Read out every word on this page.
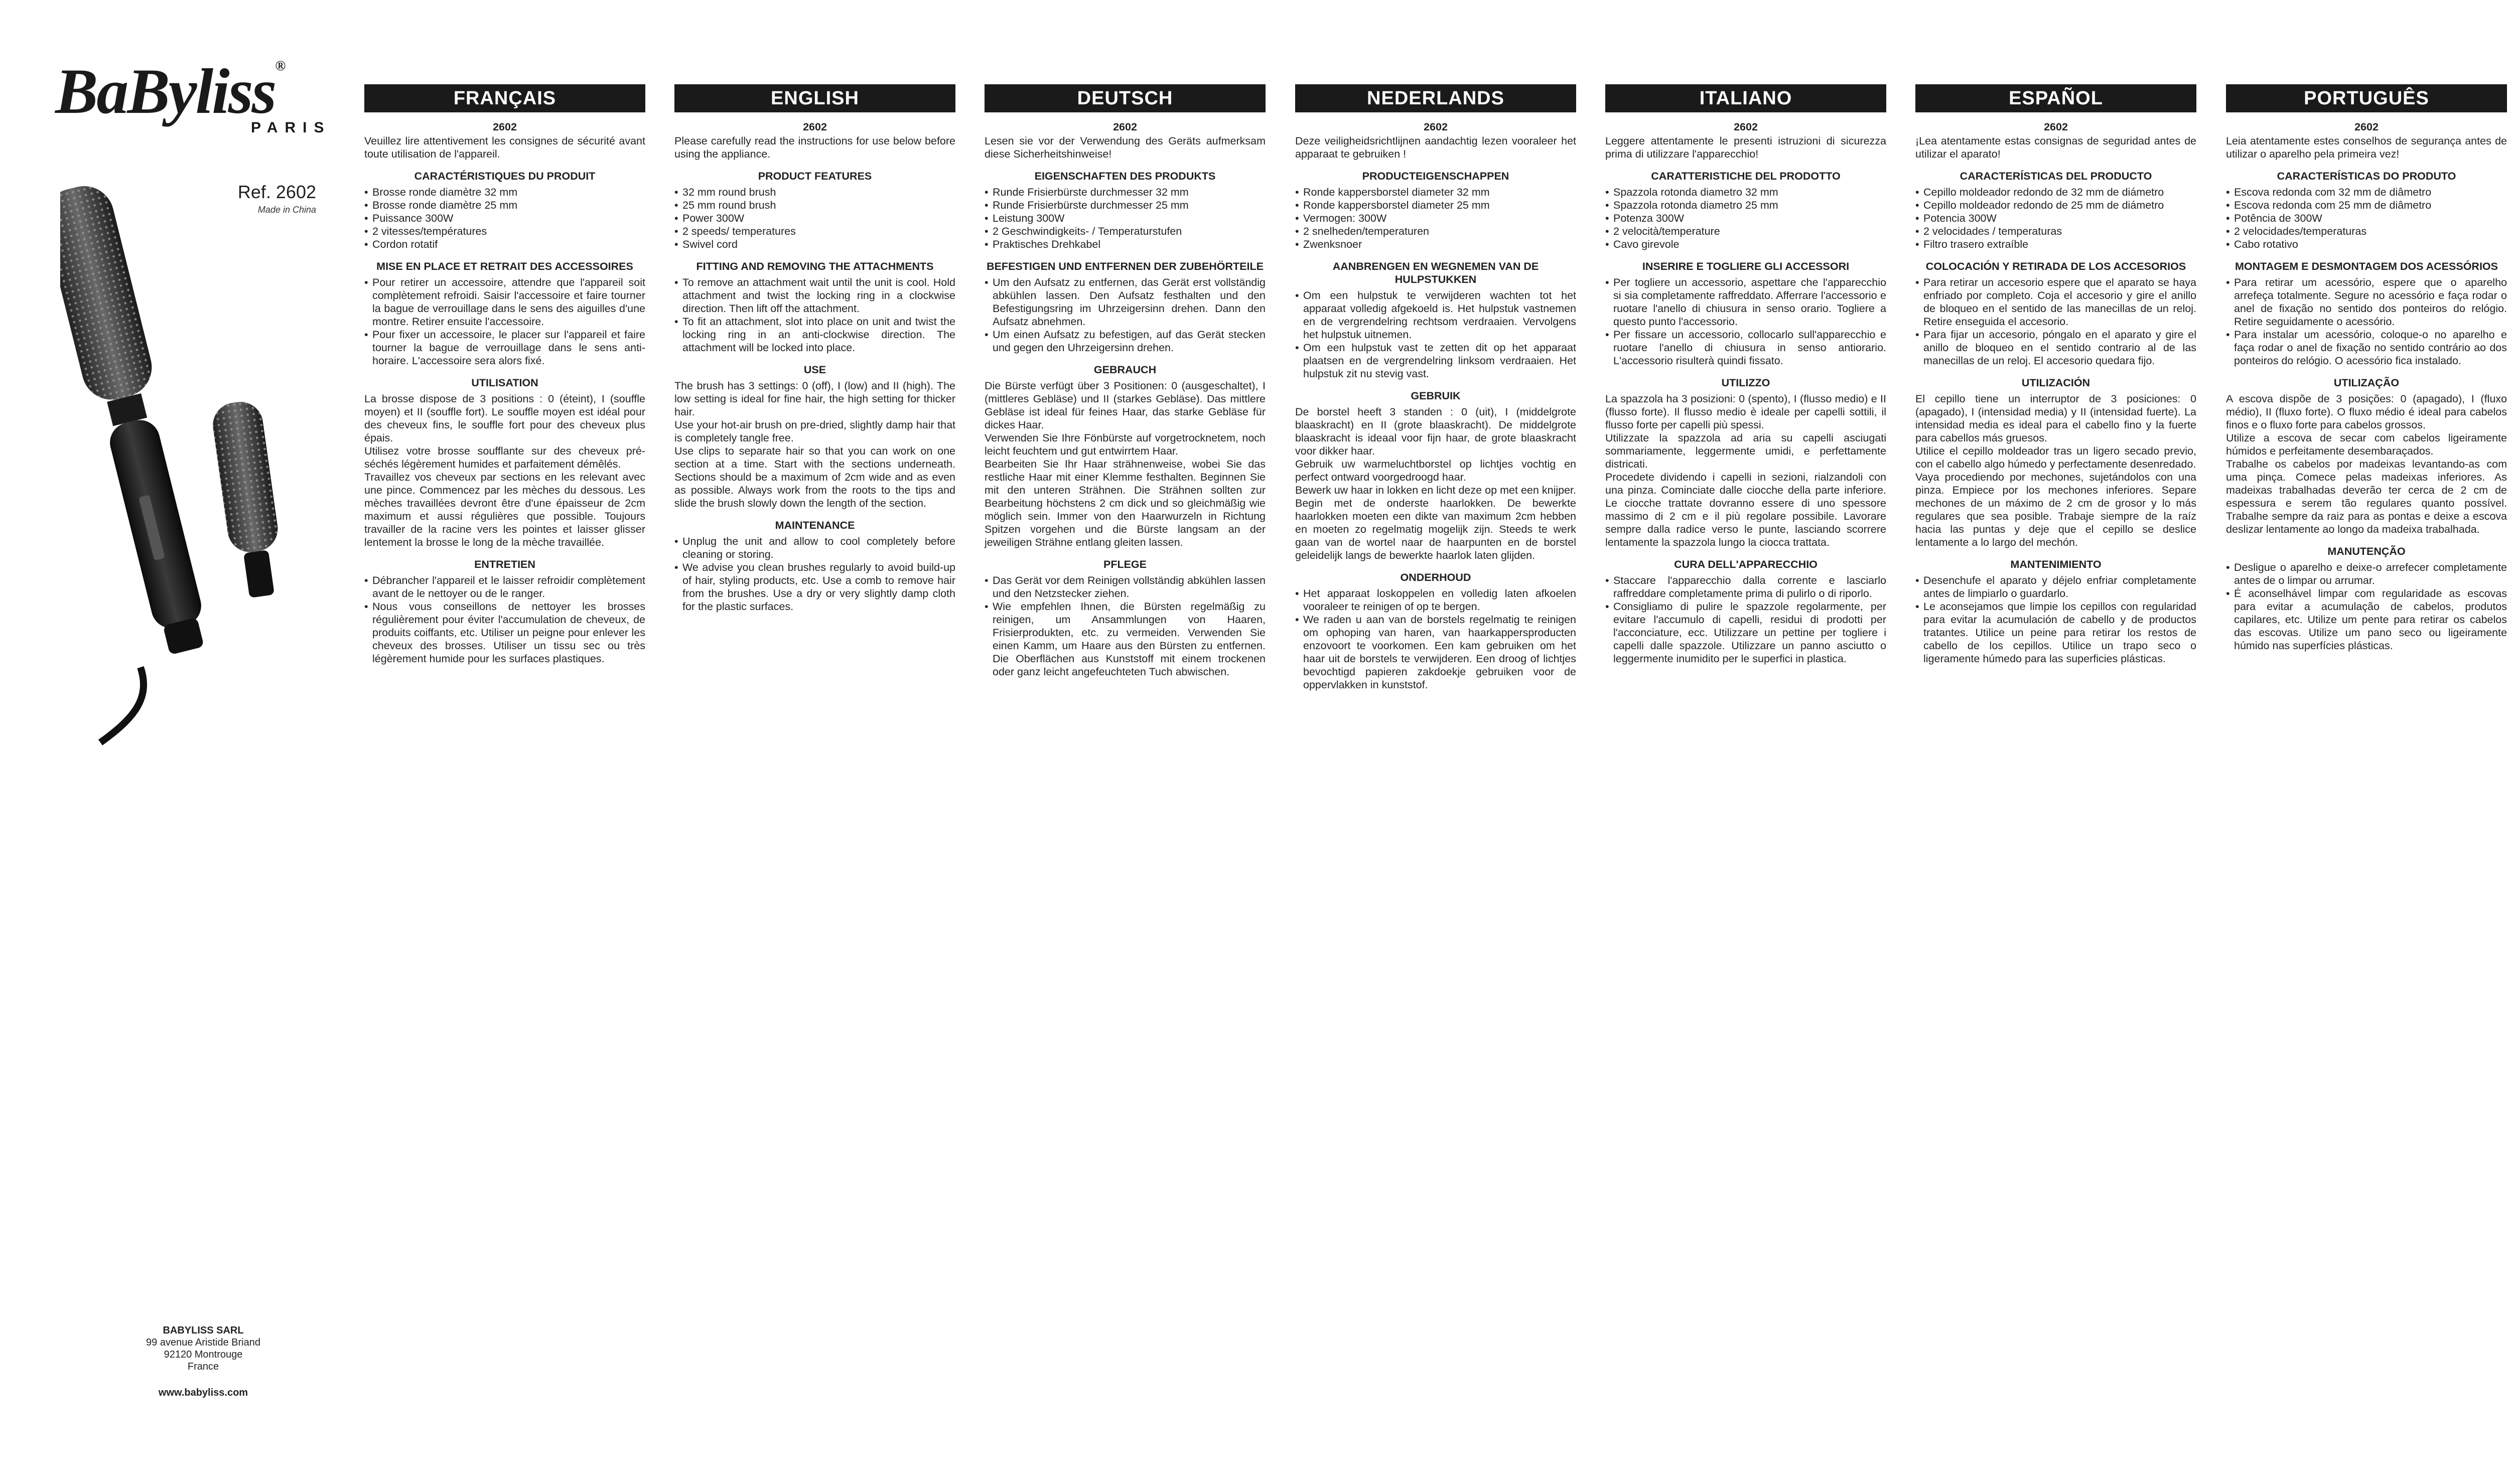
BaByliss®
PARIS
Ref. 2602
Made in China
BABYLISS SARL
99 avenue Aristide Briand
92120 Montrouge
France
www.babyliss.com
FRANÇAIS
2602

Veuillez lire attentivement les consignes de sécurité avant toute utilisation de l'appareil.

CARACTÉRISTIQUES DU PRODUIT
• Brosse ronde diamètre 32 mm
• Brosse ronde diamètre 25 mm
• Puissance 300W
• 2 vitesses/températures
• Cordon rotatif
MISE EN PLACE ET RETRAIT DES ACCESSOIRES
• Pour retirer un accessoire, attendre que l'appareil soit complètement refroidi. Saisir l'accessoire et faire tourner la bague de verrouillage dans le sens des aiguilles d'une montre. Retirer ensuite l'accessoire.
• Pour fixer un accessoire, le placer sur l'appareil et faire tourner la bague de verrouillage dans le sens anti-horaire. L'accessoire sera alors fixé.
UTILISATION

La brosse dispose de 3 positions : 0 (éteint), I (souffle moyen) et II (souffle fort). Le souffle moyen est idéal pour des cheveux fins, le souffle fort pour des cheveux plus épais.

Utilisez votre brosse soufflante sur des cheveux pré-séchés légèrement humides et parfaitement démêlés.

Travaillez vos cheveux par sections en les relevant avec une pince. Commencez par les mèches du dessous. Les mèches travaillées devront être d'une épaisseur de 2cm maximum et aussi régulières que possible. Toujours travailler de la racine vers les pointes et laisser glisser lentement la brosse le long de la mèche travaillée.

ENTRETIEN
• Débrancher l'appareil et le laisser refroidir complètement avant de le nettoyer ou de le ranger.
• Nous vous conseillons de nettoyer les brosses régulièrement pour éviter l'accumulation de cheveux, de produits coiffants, etc. Utiliser un peigne pour enlever les cheveux des brosses. Utiliser un tissu sec ou très légèrement humide pour les surfaces plastiques.
ENGLISH
2602

Please carefully read the instructions for use below before using the appliance.

PRODUCT FEATURES
• 32 mm round brush
• 25 mm round brush
• Power 300W
• 2 speeds/ temperatures
• Swivel cord
FITTING AND REMOVING THE ATTACHMENTS
• To remove an attachment wait until the unit is cool. Hold attachment and twist the locking ring in a clockwise direction. Then lift off the attachment.
• To fit an attachment, slot into place on unit and twist the locking ring in an anti-clockwise direction. The attachment will be locked into place.
USE

The brush has 3 settings: 0 (off), I (low) and II (high). The low setting is ideal for fine hair, the high setting for thicker hair.

Use your hot-air brush on pre-dried, slightly damp hair that is completely tangle free.

Use clips to separate hair so that you can work on one section at a time. Start with the sections underneath. Sections should be a maximum of 2cm wide and as even as possible. Always work from the roots to the tips and slide the brush slowly down the length of the section.

MAINTENANCE
• Unplug the unit and allow to cool completely before cleaning or storing.
• We advise you clean brushes regularly to avoid build-up of hair, styling products, etc. Use a comb to remove hair from the brushes. Use a dry or very slightly damp cloth for the plastic surfaces.
DEUTSCH
2602

Lesen sie vor der Verwendung des Geräts aufmerksam diese Sicherheitshinweise!

EIGENSCHAFTEN DES PRODUKTS
• Runde Frisierbürste durchmesser 32 mm
• Runde Frisierbürste durchmesser 25 mm
• Leistung 300W
• 2 Geschwindigkeits- / Temperaturstufen
• Praktisches Drehkabel
BEFESTIGEN UND ENTFERNEN DER ZUBEHÖRTEILE
• Um den Aufsatz zu entfernen, das Gerät erst vollständig abkühlen lassen. Den Aufsatz festhalten und den Befestigungsring im Uhrzeigersinn drehen. Dann den Aufsatz abnehmen.
• Um einen Aufsatz zu befestigen, auf das Gerät stecken und gegen den Uhrzeigersinn drehen.
GEBRAUCH

Die Bürste verfügt über 3 Positionen: 0 (ausgeschaltet), I (mittleres Gebläse) und II (starkes Gebläse). Das mittlere Gebläse ist ideal für feines Haar, das starke Gebläse für dickes Haar.

Verwenden Sie Ihre Fönbürste auf vorgetrocknetem, noch leicht feuchtem und gut entwirrtem Haar.

Bearbeiten Sie Ihr Haar strähnenweise, wobei Sie das restliche Haar mit einer Klemme festhalten. Beginnen Sie mit den unteren Strähnen. Die Strähnen sollten zur Bearbeitung höchstens 2 cm dick und so gleichmäßig wie möglich sein. Immer von den Haarwurzeln in Richtung Spitzen vorgehen und die Bürste langsam an der jeweiligen Strähne entlang gleiten lassen.

PFLEGE
• Das Gerät vor dem Reinigen vollständig abkühlen lassen und den Netzstecker ziehen.
• Wie empfehlen Ihnen, die Bürsten regelmäßig zu reinigen, um Ansammlungen von Haaren, Frisierprodukten, etc. zu vermeiden. Verwenden Sie einen Kamm, um Haare aus den Bürsten zu entfernen. Die Oberflächen aus Kunststoff mit einem trockenen oder ganz leicht angefeuchteten Tuch abwischen.
NEDERLANDS
2602

Deze veiligheidsrichtlijnen aandachtig lezen vooraleer het apparaat te gebruiken !

PRODUCTEIGENSCHAPPEN
• Ronde kappersborstel diameter 32 mm
• Ronde kappersborstel diameter 25 mm
• Vermogen: 300W
• 2 snelheden/temperaturen
• Zwenksnoer
AANBRENGEN EN WEGNEMEN VAN DE HULPSTUKKEN
• Om een hulpstuk te verwijderen wachten tot het apparaat volledig afgekoeld is. Het hulpstuk vastnemen en de vergrendelring rechtsom verdraaien. Vervolgens het hulpstuk uitnemen.
• Om een hulpstuk vast te zetten dit op het apparaat plaatsen en de vergrendelring linksom verdraaien. Het hulpstuk zit nu stevig vast.
GEBRUIK

De borstel heeft 3 standen : 0 (uit), I (middelgrote blaaskracht) en II (grote blaaskracht). De middelgrote blaaskracht is ideaal voor fijn haar, de grote blaaskracht voor dikker haar.

Gebruik uw warmeluchtborstel op lichtjes vochtig en perfect ontward voorgedroogd haar.

Bewerk uw haar in lokken en licht deze op met een knijper. Begin met de onderste haarlokken. De bewerkte haarlokken moeten een dikte van maximum 2cm hebben en moeten zo regelmatig mogelijk zijn. Steeds te werk gaan van de wortel naar de haarpunten en de borstel geleidelijk langs de bewerkte haarlok laten glijden.

ONDERHOUD
• Het apparaat loskoppelen en volledig laten afkoelen vooraleer te reinigen of op te bergen.
• We raden u aan van de borstels regelmatig te reinigen om ophoping van haren, van haarkappersproducten enzovoort te voorkomen. Een kam gebruiken om het haar uit de borstels te verwijderen. Een droog of lichtjes bevochtigd papieren zakdoekje gebruiken voor de oppervlakken in kunststof.
ITALIANO
2602

Leggere attentamente le presenti istruzioni di sicurezza prima di utilizzare l'apparecchio!

CARATTERISTICHE DEL PRODOTTO
• Spazzola rotonda diametro 32 mm
• Spazzola rotonda diametro 25 mm
• Potenza 300W
• 2 velocità/temperature
• Cavo girevole
INSERIRE E TOGLIERE GLI ACCESSORI
• Per togliere un accessorio, aspettare che l'apparecchio si sia completamente raffreddato. Afferrare l'accessorio e ruotare l'anello di chiusura in senso orario. Togliere a questo punto l'accessorio.
• Per fissare un accessorio, collocarlo sull'apparecchio e ruotare l'anello di chiusura in senso antiorario. L'accessorio risulterà quindi fissato.
UTILIZZO

La spazzola ha 3 posizioni: 0 (spento), I (flusso medio) e II (flusso forte). Il flusso medio è ideale per capelli sottili, il flusso forte per capelli più spessi.

Utilizzate la spazzola ad aria su capelli asciugati sommariamente, leggermente umidi, e perfettamente districati.

Procedete dividendo i capelli in sezioni, rialzandoli con una pinza. Cominciate dalle ciocche della parte inferiore. Le ciocche trattate dovranno essere di uno spessore massimo di 2 cm e il più regolare possibile. Lavorare sempre dalla radice verso le punte, lasciando scorrere lentamente la spazzola lungo la ciocca trattata.

CURA DELL'APPARECCHIO
• Staccare l'apparecchio dalla corrente e lasciarlo raffreddare completamente prima di pulirlo o di riporlo.
• Consigliamo di pulire le spazzole regolarmente, per evitare l'accumulo di capelli, residui di prodotti per l'acconciature, ecc. Utilizzare un pettine per togliere i capelli dalle spazzole. Utilizzare un panno asciutto o leggermente inumidito per le superfici in plastica.
ESPAÑOL
2602

¡Lea atentamente estas consignas de seguridad antes de utilizar el aparato!

CARACTERÍSTICAS DEL PRODUCTO
• Cepillo moldeador redondo de 32 mm de diámetro
• Cepillo moldeador redondo de 25 mm de diámetro
• Potencia 300W
• 2 velocidades / temperaturas
• Filtro trasero extraíble
COLOCACIÓN Y RETIRADA DE LOS ACCESORIOS
• Para retirar un accesorio espere que el aparato se haya enfriado por completo. Coja el accesorio y gire el anillo de bloqueo en el sentido de las manecillas de un reloj. Retire enseguida el accesorio.
• Para fijar un accesorio, póngalo en el aparato y gire el anillo de bloqueo en el sentido contrario al de las manecillas de un reloj. El accesorio quedara fijo.
UTILIZACIÓN

El cepillo tiene un interruptor de 3 posiciones: 0 (apagado), I (intensidad media) y II (intensidad fuerte). La intensidad media es ideal para el cabello fino y la fuerte para cabellos más gruesos.

Utilice el cepillo moldeador tras un ligero secado previo, con el cabello algo húmedo y perfectamente desenredado.

Vaya procediendo por mechones, sujetándolos con una pinza. Empiece por los mechones inferiores. Separe mechones de un máximo de 2 cm de grosor y lo más regulares que sea posible. Trabaje siempre de la raíz hacia las puntas y deje que el cepillo se deslice lentamente a lo largo del mechón.

MANTENIMIENTO
• Desenchufe el aparato y déjelo enfriar completamente antes de limpiarlo o guardarlo.
• Le aconsejamos que limpie los cepillos con regularidad para evitar la acumulación de cabello y de productos tratantes. Utilice un peine para retirar los restos de cabello de los cepillos. Utilice un trapo seco o ligeramente húmedo para las superficies plásticas.
PORTUGUÊS
2602

Leia atentamente estes conselhos de segurança antes de utilizar o aparelho pela primeira vez!

CARACTERÍSTICAS DO PRODUTO
• Escova redonda com 32 mm de diâmetro
• Escova redonda com 25 mm de diâmetro
• Potência de 300W
• 2 velocidades/temperaturas
• Cabo rotativo
MONTAGEM E DESMONTAGEM DOS ACESSÓRIOS
• Para retirar um acessório, espere que o aparelho arrefeça totalmente. Segure no acessório e faça rodar o anel de fixação no sentido dos ponteiros do relógio. Retire seguidamente o acessório.
• Para instalar um acessório, coloque-o no aparelho e faça rodar o anel de fixação no sentido contrário ao dos ponteiros do relógio. O acessório fica instalado.
UTILIZAÇÃO

A escova dispõe de 3 posições: 0 (apagado), I (fluxo médio), II (fluxo forte). O fluxo médio é ideal para cabelos finos e o fluxo forte para cabelos grossos.

Utilize a escova de secar com cabelos ligeiramente húmidos e perfeitamente desembaraçados.

Trabalhe os cabelos por madeixas levantando-as com uma pinça. Comece pelas madeixas inferiores. As madeixas trabalhadas deverão ter cerca de 2 cm de espessura e serem tão regulares quanto possível. Trabalhe sempre da raiz para as pontas e deixe a escova deslizar lentamente ao longo da madeixa trabalhada.

MANUTENÇÃO
• Desligue o aparelho e deixe-o arrefecer completamente antes de o limpar ou arrumar.
• É aconselhável limpar com regularidade as escovas para evitar a acumulação de cabelos, produtos capilares, etc. Utilize um pente para retirar os cabelos das escovas. Utilize um pano seco ou ligeiramente húmido nas superfícies plásticas.
